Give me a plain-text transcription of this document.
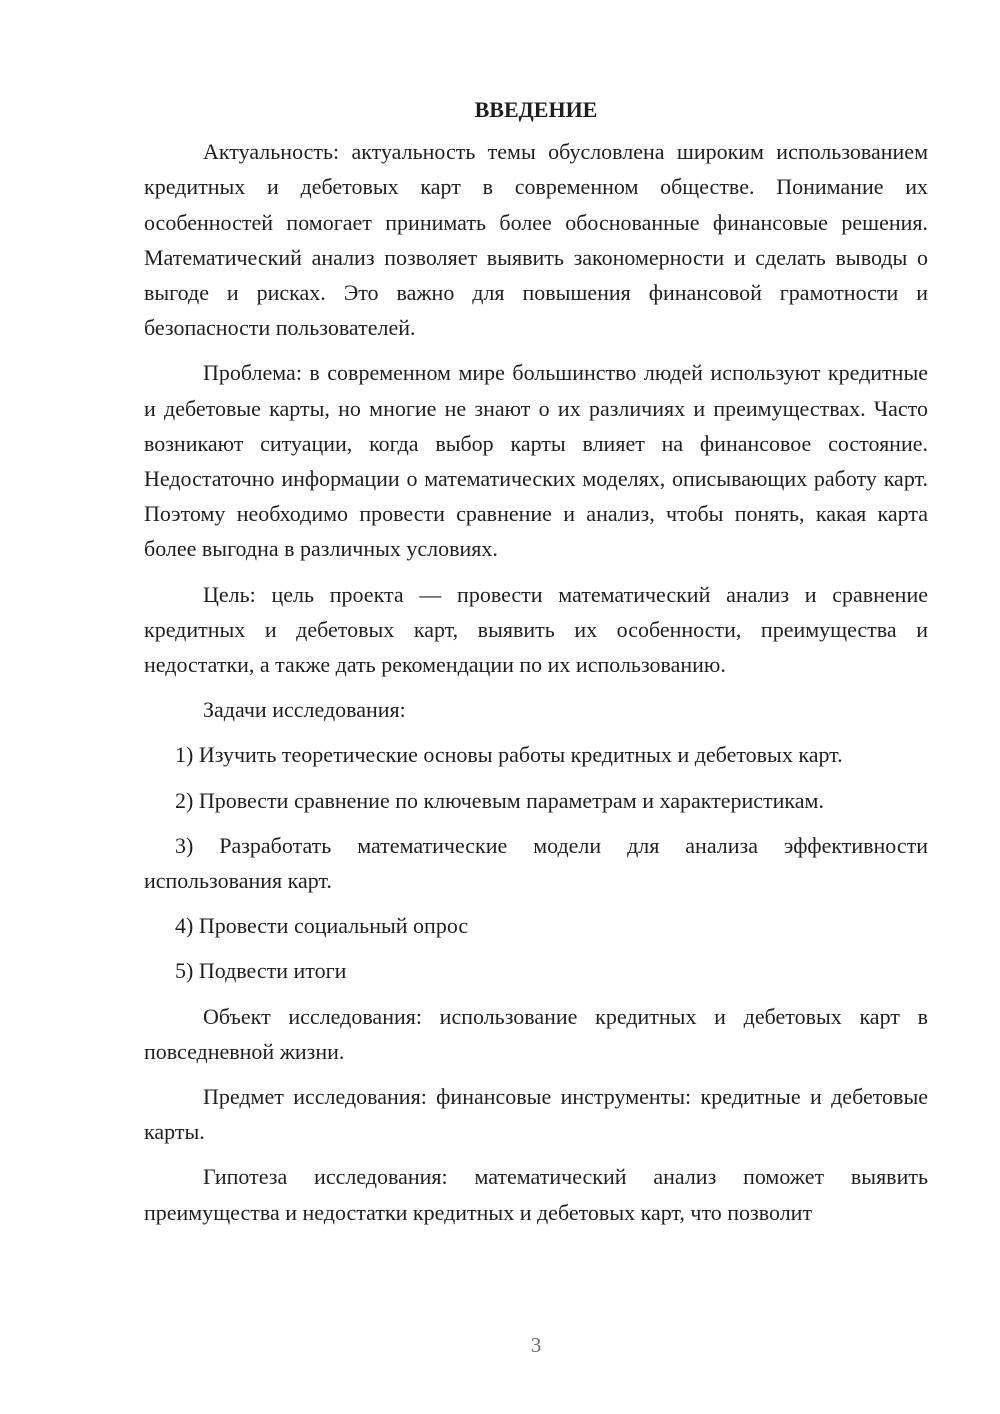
ВВЕДЕНИЕ

Актуальность: актуальность темы обусловлена широким использованием кредитных и дебетовых карт в современном обществе. Понимание их особенностей помогает принимать более обоснованные финансовые решения. Математический анализ позволяет выявить закономерности и сделать выводы о выгоде и рисках. Это важно для повышения финансовой грамотности и безопасности пользователей.

Проблема: в современном мире большинство людей используют кредитные и дебетовые карты, но многие не знают о их различиях и преимуществах. Часто возникают ситуации, когда выбор карты влияет на финансовое состояние. Недостаточно информации о математических моделях, описывающих работу карт. Поэтому необходимо провести сравнение и анализ, чтобы понять, какая карта более выгодна в различных условиях.

Цель: цель проекта — провести математический анализ и сравнение кредитных и дебетовых карт, выявить их особенности, преимущества и недостатки, а также дать рекомендации по их использованию.

Задачи исследования:

1) Изучить теоретические основы работы кредитных и дебетовых карт.

2) Провести сравнение по ключевым параметрам и характеристикам.

3) Разработать математические модели для анализа эффективности использования карт.

4) Провести социальный опрос

5) Подвести итоги

Объект исследования: использование кредитных и дебетовых карт в повседневной жизни.

Предмет исследования: финансовые инструменты: кредитные и дебетовые карты.

Гипотеза исследования: математический анализ поможет выявить преимущества и недостатки кредитных и дебетовых карт, что позволит

3
